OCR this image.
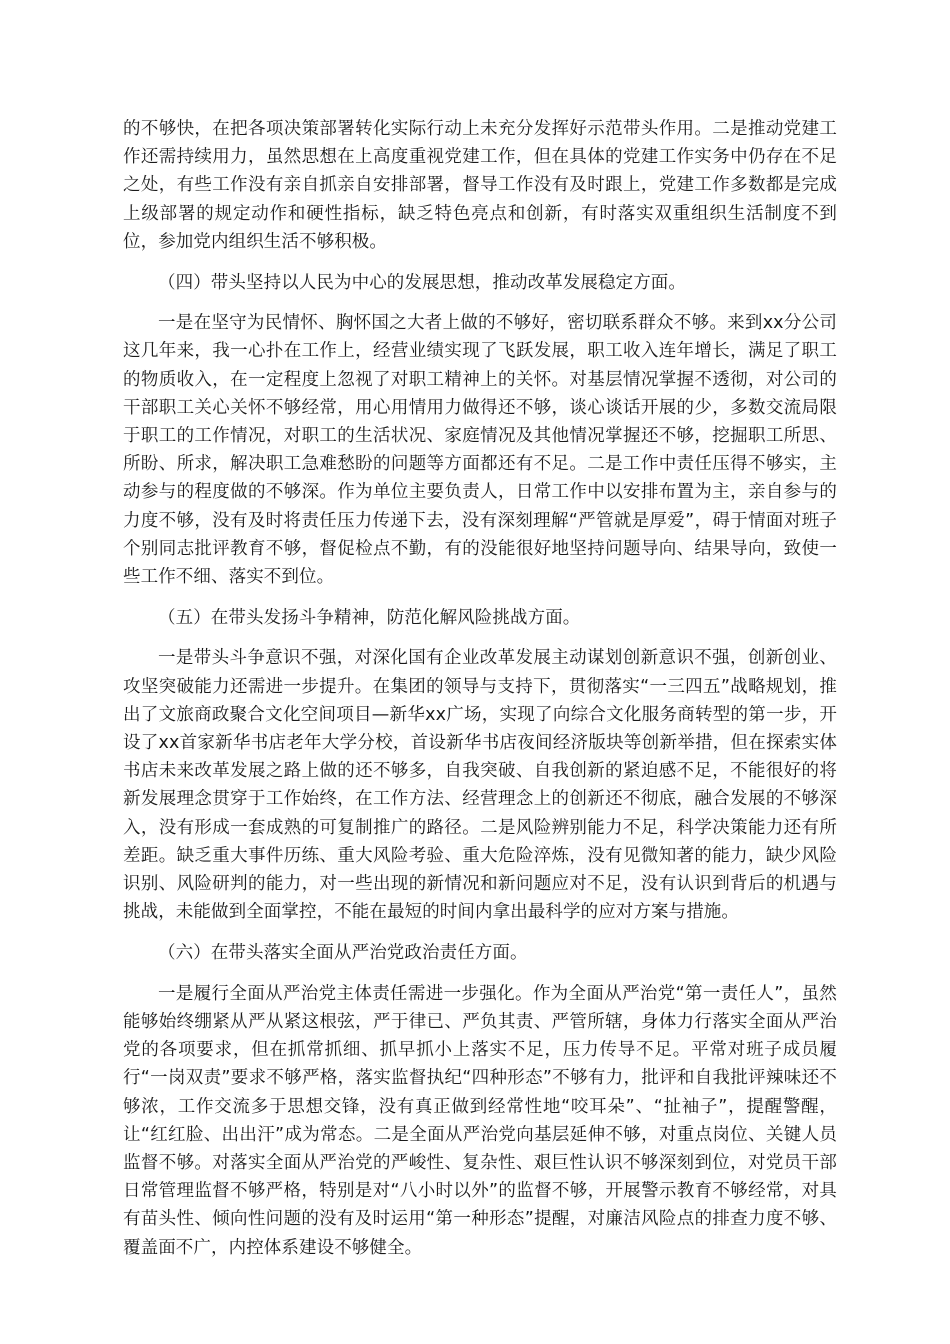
的不够快，在把各项决策部署转化实际行动上未充分发挥好示范带头作用。二是推动党建工作还需持续用力，虽然思想在上高度重视党建工作，但在具体的党建工作实务中仍存在不足之处，有些工作没有亲自抓亲自安排部署，督导工作没有及时跟上，党建工作多数都是完成上级部署的规定动作和硬性指标，缺乏特色亮点和创新，有时落实双重组织生活制度不到位，参加党内组织生活不够积极。

（四）带头坚持以人民为中心的发展思想，推动改革发展稳定方面。

一是在坚守为民情怀、胸怀国之大者上做的不够好，密切联系群众不够。来到xx分公司这几年来，我一心扑在工作上，经营业绩实现了飞跃发展，职工收入连年增长，满足了职工的物质收入，在一定程度上忽视了对职工精神上的关怀。对基层情况掌握不透彻，对公司的干部职工关心关怀不够经常，用心用情用力做得还不够，谈心谈话开展的少，多数交流局限于职工的工作情况，对职工的生活状况、家庭情况及其他情况掌握还不够，挖掘职工所思、所盼、所求，解决职工急难愁盼的问题等方面都还有不足。二是工作中责任压得不够实，主动参与的程度做的不够深。作为单位主要负责人，日常工作中以安排布置为主，亲自参与的力度不够，没有及时将责任压力传递下去，没有深刻理解“严管就是厚爱”，碍于情面对班子个别同志批评教育不够，督促检点不勤，有的没能很好地坚持问题导向、结果导向，致使一些工作不细、落实不到位。

（五）在带头发扬斗争精神，防范化解风险挑战方面。

一是带头斗争意识不强，对深化国有企业改革发展主动谋划创新意识不强，创新创业、攻坚突破能力还需进一步提升。在集团的领导与支持下，贯彻落实“一三四五”战略规划，推出了文旅商政聚合文化空间项目—新华xx广场，实现了向综合文化服务商转型的第一步，开设了xx首家新华书店老年大学分校，首设新华书店夜间经济版块等创新举措，但在探索实体书店未来改革发展之路上做的还不够多，自我突破、自我创新的紧迫感不足，不能很好的将新发展理念贯穿于工作始终，在工作方法、经营理念上的创新还不彻底，融合发展的不够深入，没有形成一套成熟的可复制推广的路径。二是风险辨别能力不足，科学决策能力还有所差距。缺乏重大事件历练、重大风险考验、重大危险淬炼，没有见微知著的能力，缺少风险识别、风险研判的能力，对一些出现的新情况和新问题应对不足，没有认识到背后的机遇与挑战，未能做到全面掌控，不能在最短的时间内拿出最科学的应对方案与措施。

（六）在带头落实全面从严治党政治责任方面。

一是履行全面从严治党主体责任需进一步强化。作为全面从严治党“第一责任人”，虽然能够始终绷紧从严从紧这根弦，严于律已、严负其责、严管所辖，身体力行落实全面从严治党的各项要求，但在抓常抓细、抓早抓小上落实不足，压力传导不足。平常对班子成员履行“一岗双责”要求不够严格，落实监督执纪“四种形态”不够有力，批评和自我批评辣味还不够浓，工作交流多于思想交锋，没有真正做到经常性地“咬耳朵”、“扯袖子”，提醒警醒，让“红红脸、出出汗”成为常态。二是全面从严治党向基层延伸不够，对重点岗位、关键人员监督不够。对落实全面从严治党的严峻性、复杂性、艰巨性认识不够深刻到位，对党员干部日常管理监督不够严格，特别是对“八小时以外”的监督不够，开展警示教育不够经常，对具有苗头性、倾向性问题的没有及时运用“第一种形态”提醒，对廉洁风险点的排查力度不够、覆盖面不广，内控体系建设不够健全。
